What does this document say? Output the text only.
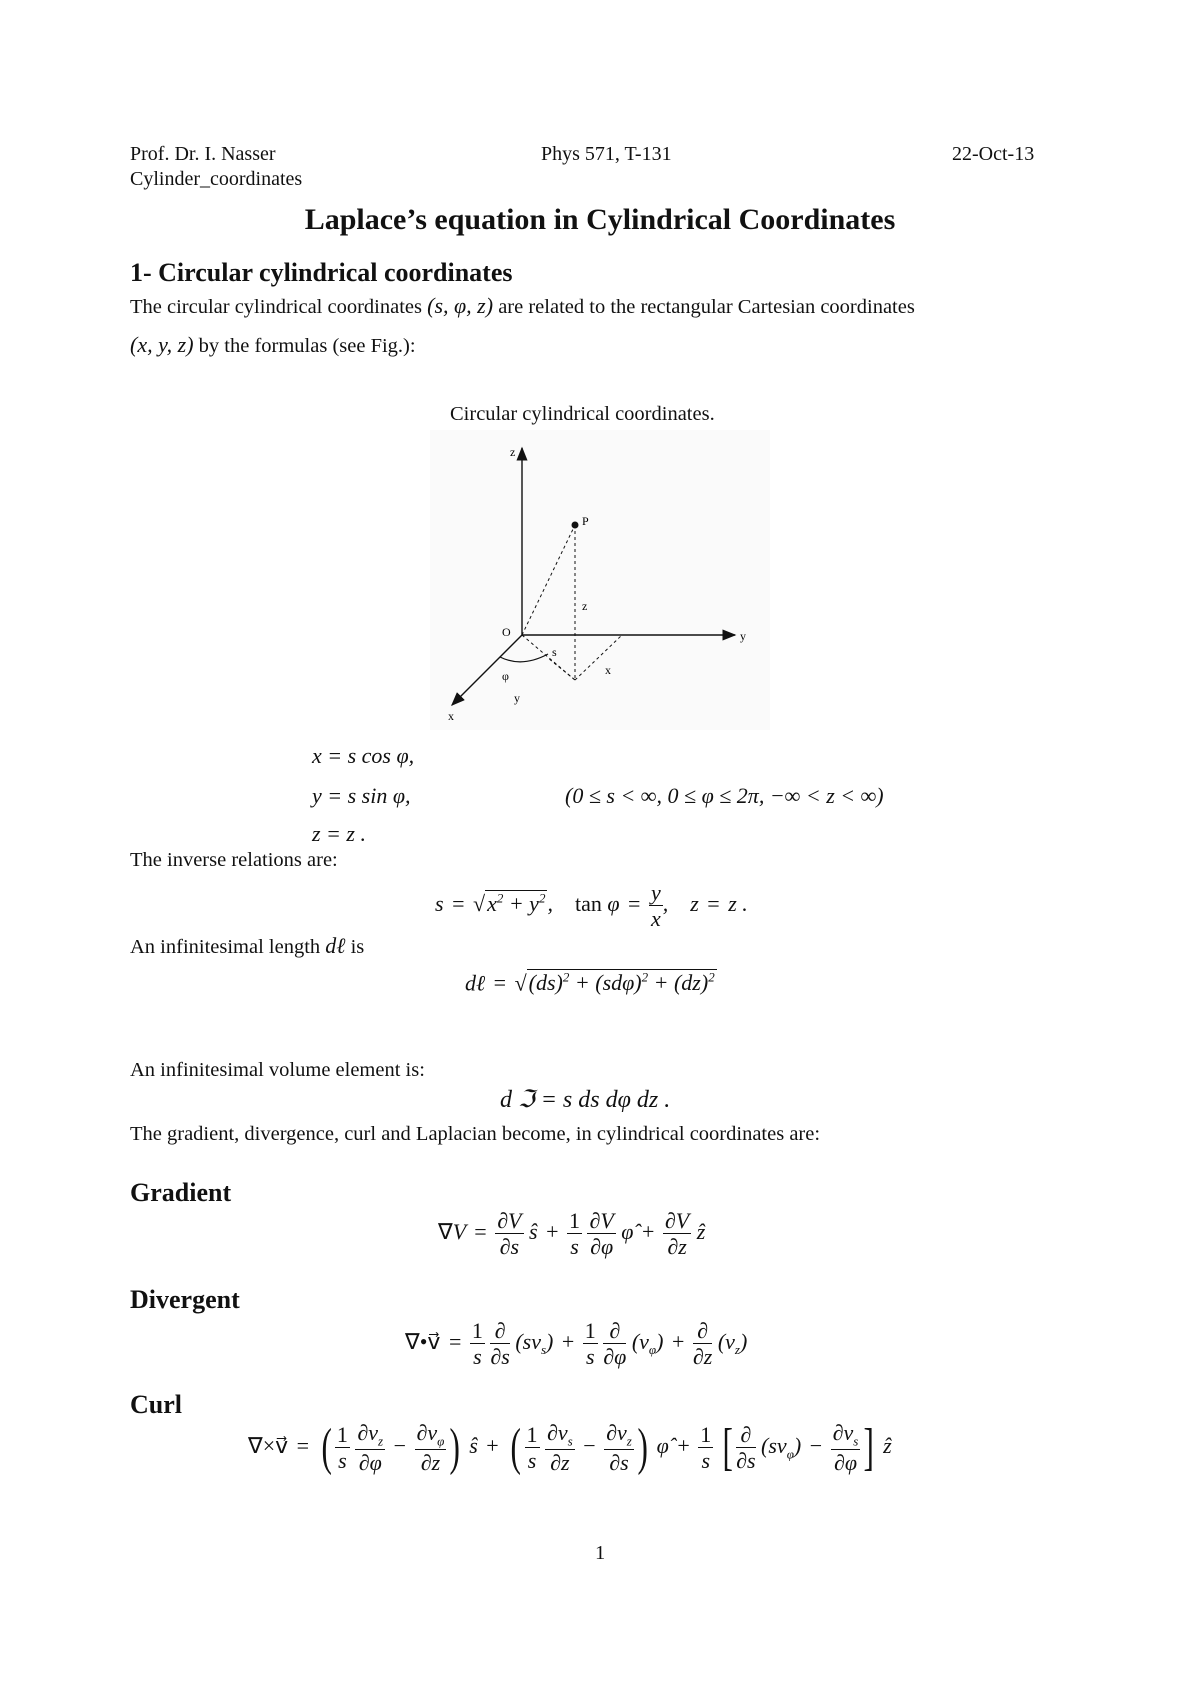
Prof. Dr. I. Nasser	Phys 571, T-131	22-Oct-13
Cylinder_coordinates
Laplace’s equation in Cylindrical Coordinates
1- Circular cylindrical coordinates
The circular cylindrical coordinates (s, φ, z) are related to the rectangular Cartesian coordinates
(x, y, z) by the formulas (see Fig.):
Circular cylindrical coordinates.
z
y
x
O
P
z
s
φ	x
y
x = s cos φ,
y = s sin φ,	(0 ≤ s < ∞, 0 ≤ φ ≤ 2π, −∞ < z < ∞)
z = z .
The inverse relations are:
$s = √x^2 + y^2$,    $\tan \varphi = \frac{y}{x}$ ,    z = z .
An infinitesimal length dℓ is
dℓ = $√(ds)^2 + (sd\varphi)^2 + (dz)^2$
An infinitesimal volume element is:
d ℑ = s ds dφ dz .
The gradient, divergence, curl and Laplacian become, in cylindrical coordinates are:
Gradient
$\nabla V = \frac{\partial V}{\partial s}$ ŝ + $\frac{1}{s}$
$\frac{\partial V}{\partial\varphi}$ φ̂ + $\frac{\partial V}{\partial z}$ ẑ
Divergent
∇•v⃗ = $\frac{1}{s}$
$\frac{\partial}{\partial s} (sv_s) + \frac{1}{s}$
$\frac{\partial}{\partial\varphi} (v_\varphi) + \frac{\partial}{\partial z} (v_z)$
Curl
∇×v⃗ = ( $\frac{1}{s}$
$\frac{\partial v_z}{\partial\varphi} - \frac{\partial v_\varphi}{\partial z}$ ) ŝ + ( $\frac{1}{s}$
$\frac{\partial v_s}{\partial z} - \frac{\partial v_z}{\partial s}$ ) φ̂ + $\frac{1}{s}$ [ $\frac{\partial}{\partial s} (sv_\varphi) - \frac{\partial v_s}{\partial\varphi}$ ] ẑ
1
